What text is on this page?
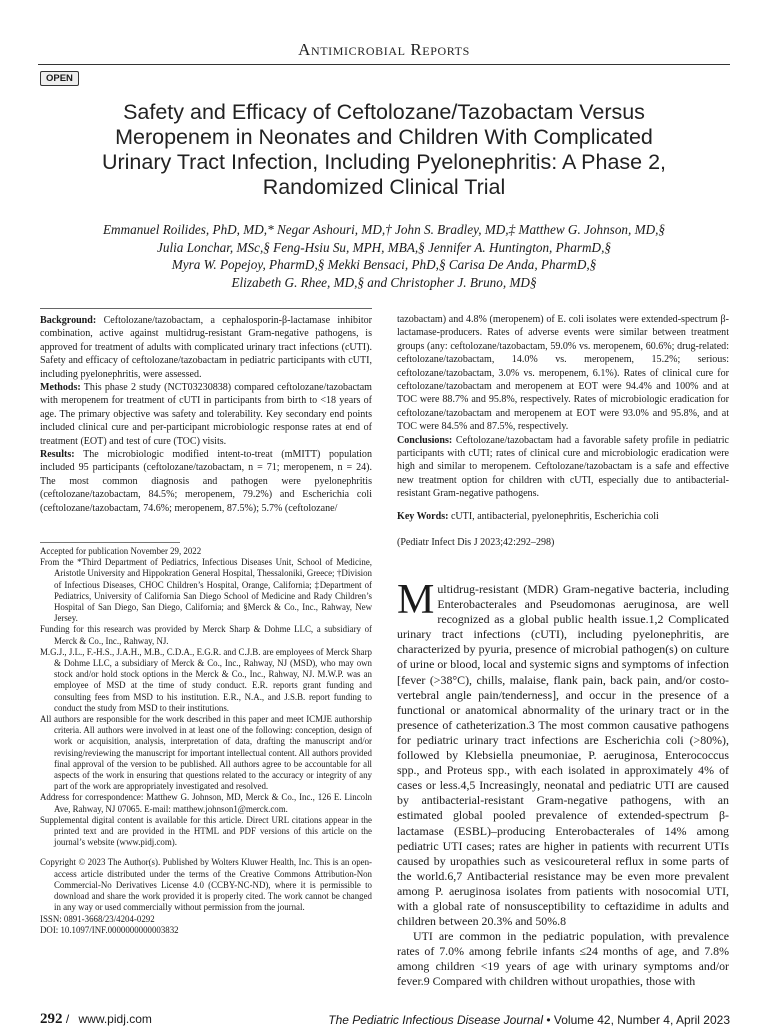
Antimicrobial Reports
OPEN
Safety and Efficacy of Ceftolozane/Tazobactam Versus
Meropenem in Neonates and Children With Complicated
Urinary Tract Infection, Including Pyelonephritis: A Phase 2,
Randomized Clinical Trial
Emmanuel Roilides, PhD, MD,* Negar Ashouri, MD,† John S. Bradley, MD,‡ Matthew G. Johnson, MD,§
Julia Lonchar, MSc,§ Feng-Hsiu Su, MPH, MBA,§ Jennifer A. Huntington, PharmD,§
Myra W. Popejoy, PharmD,§ Mekki Bensaci, PhD,§ Carisa De Anda, PharmD,§
Elizabeth G. Rhee, MD,§ and Christopher J. Bruno, MD§

Background: Ceftolozane/tazobactam, a cephalosporin-β-lactamase inhibitor combination, active against multidrug-resistant Gram-negative pathogens, is approved for treatment of adults with complicated urinary tract infections (cUTI). Safety and efficacy of ceftolozane/tazobactam in pediatric participants with cUTI, including pyelonephritis, were assessed.

Methods: This phase 2 study (NCT03230838) compared ceftolozane/tazobactam with meropenem for treatment of cUTI in participants from birth to <18 years of age. The primary objective was safety and tolerability. Key secondary end points included clinical cure and per-participant microbiologic response rates at end of treatment (EOT) and test of cure (TOC) visits.

Results: The microbiologic modified intent-to-treat (mMITT) population included 95 participants (ceftolozane/tazobactam, n = 71; meropenem, n = 24). The most common diagnosis and pathogen were pyelonephritis (ceftolozane/tazobactam, 84.5%; meropenem, 79.2%) and Escherichia coli (ceftolozane/tazobactam, 74.6%; meropenem, 87.5%); 5.7% (ceftolozane/

tazobactam) and 4.8% (meropenem) of E. coli isolates were extended-spectrum β-lactamase-producers. Rates of adverse events were similar between treatment groups (any: ceftolozane/tazobactam, 59.0% vs. meropenem, 60.6%; drug-related: ceftolozane/tazobactam, 14.0% vs. meropenem, 15.2%; serious: ceftolozane/tazobactam, 3.0% vs. meropenem, 6.1%). Rates of clinical cure for ceftolozane/tazobactam and meropenem at EOT were 94.4% and 100% and at TOC were 88.7% and 95.8%, respectively. Rates of microbiologic eradication for ceftolozane/tazobactam and meropenem at EOT were 93.0% and 95.8%, and at TOC were 84.5% and 87.5%, respectively.

Conclusions: Ceftolozane/tazobactam had a favorable safety profile in pediatric participants with cUTI; rates of clinical cure and microbiologic eradication were high and similar to meropenem. Ceftolozane/tazobactam is a safe and effective new treatment option for children with cUTI, especially due to antibacterial-resistant Gram-negative pathogens.

Key Words: cUTI, antibacterial, pyelonephritis, Escherichia coli

(Pediatr Infect Dis J 2023;42:292–298)

Accepted for publication November 29, 2022

From the *Third Department of Pediatrics, Infectious Diseases Unit, School of Medicine, Aristotle University and Hippokration General Hospital, Thessaloniki, Greece; †Division of Infectious Diseases, CHOC Children’s Hospital, Orange, California; ‡Department of Pediatrics, University of California San Diego School of Medicine and Rady Children’s Hospital of San Diego, San Diego, California; and §Merck & Co., Inc., Rahway, New Jersey.

Funding for this research was provided by Merck Sharp & Dohme LLC, a subsidiary of Merck & Co., Inc., Rahway, NJ.

M.G.J., J.L., F.-H.S., J.A.H., M.B., C.D.A., E.G.R. and C.J.B. are employees of Merck Sharp & Dohme LLC, a subsidiary of Merck & Co., Inc., Rahway, NJ (MSD), who may own stock and/or hold stock options in the Merck & Co., Inc., Rahway, NJ. M.W.P. was an employee of MSD at the time of study conduct. E.R. reports grant funding and consulting fees from MSD to his institution. E.R., N.A., and J.S.B. report funding to conduct the study from MSD to their institutions.

All authors are responsible for the work described in this paper and meet ICMJE authorship criteria. All authors were involved in at least one of the following: conception, design of work or acquisition, analysis, interpretation of data, drafting the manuscript and/or revising/reviewing the manuscript for important intellectual content. All authors provided final approval of the version to be published. All authors agree to be accountable for all aspects of the work in ensuring that questions related to the accuracy or integrity of any part of the work are appropriately investigated and resolved.

Address for correspondence: Matthew G. Johnson, MD, Merck & Co., Inc., 126 E. Lincoln Ave, Rahway, NJ 07065. E-mail: matthew.johnson1@merck.com.

Supplemental digital content is available for this article. Direct URL citations appear in the printed text and are provided in the HTML and PDF versions of this article on the journal’s website (www.pidj.com).

Copyright © 2023 The Author(s). Published by Wolters Kluwer Health, Inc. This is an open-access article distributed under the terms of the Creative Commons Attribution-Non Commercial-No Derivatives License 4.0 (CCBY-NC-ND), where it is permissible to download and share the work provided it is properly cited. The work cannot be changed in any way or used commercially without permission from the journal.

ISSN: 0891-3668/23/4204-0292

DOI: 10.1097/INF.0000000000003832

Multidrug-resistant (MDR) Gram-negative bacteria, including Enterobacterales and Pseudomonas aeruginosa, are well recognized as a global public health issue.1,2 Complicated urinary tract infections (cUTI), including pyelonephritis, are characterized by pyuria, presence of microbial pathogen(s) on culture of urine or blood, local and systemic signs and symptoms of infection [fever (>38°C), chills, malaise, flank pain, back pain, and/or costo-vertebral angle pain/tenderness], and occur in the presence of a functional or anatomical abnormality of the urinary tract or in the presence of catheterization.3 The most common causative pathogens for pediatric urinary tract infections are Escherichia coli (>80%), followed by Klebsiella pneumoniae, P. aeruginosa, Enterococcus spp., and Proteus spp., with each isolated in approximately 4% of cases or less.4,5 Increasingly, neonatal and pediatric UTI are caused by antibacterial-resistant Gram-negative pathogens, with an estimated global pooled prevalence of extended-spectrum β-lactamase (ESBL)–producing Enterobacterales of 14% among pediatric UTI cases; rates are higher in patients with recurrent UTIs caused by uropathies such as vesicoureteral reflux in some parts of the world.6,7 Antibacterial resistance may be even more prevalent among P. aeruginosa isolates from patients with nosocomial UTI, with a global rate of nonsusceptibility to ceftazidime in adults and children between 20.3% and 50%.8

UTI are common in the pediatric population, with prevalence rates of 7.0% among febrile infants ≤24 months of age, and 7.8% among children <19 years of age with urinary symptoms and/or fever.9 Compared with children without uropathies, those with

292 / www.pidj.com	The Pediatric Infectious Disease Journal • Volume 42, Number 4, April 2023
